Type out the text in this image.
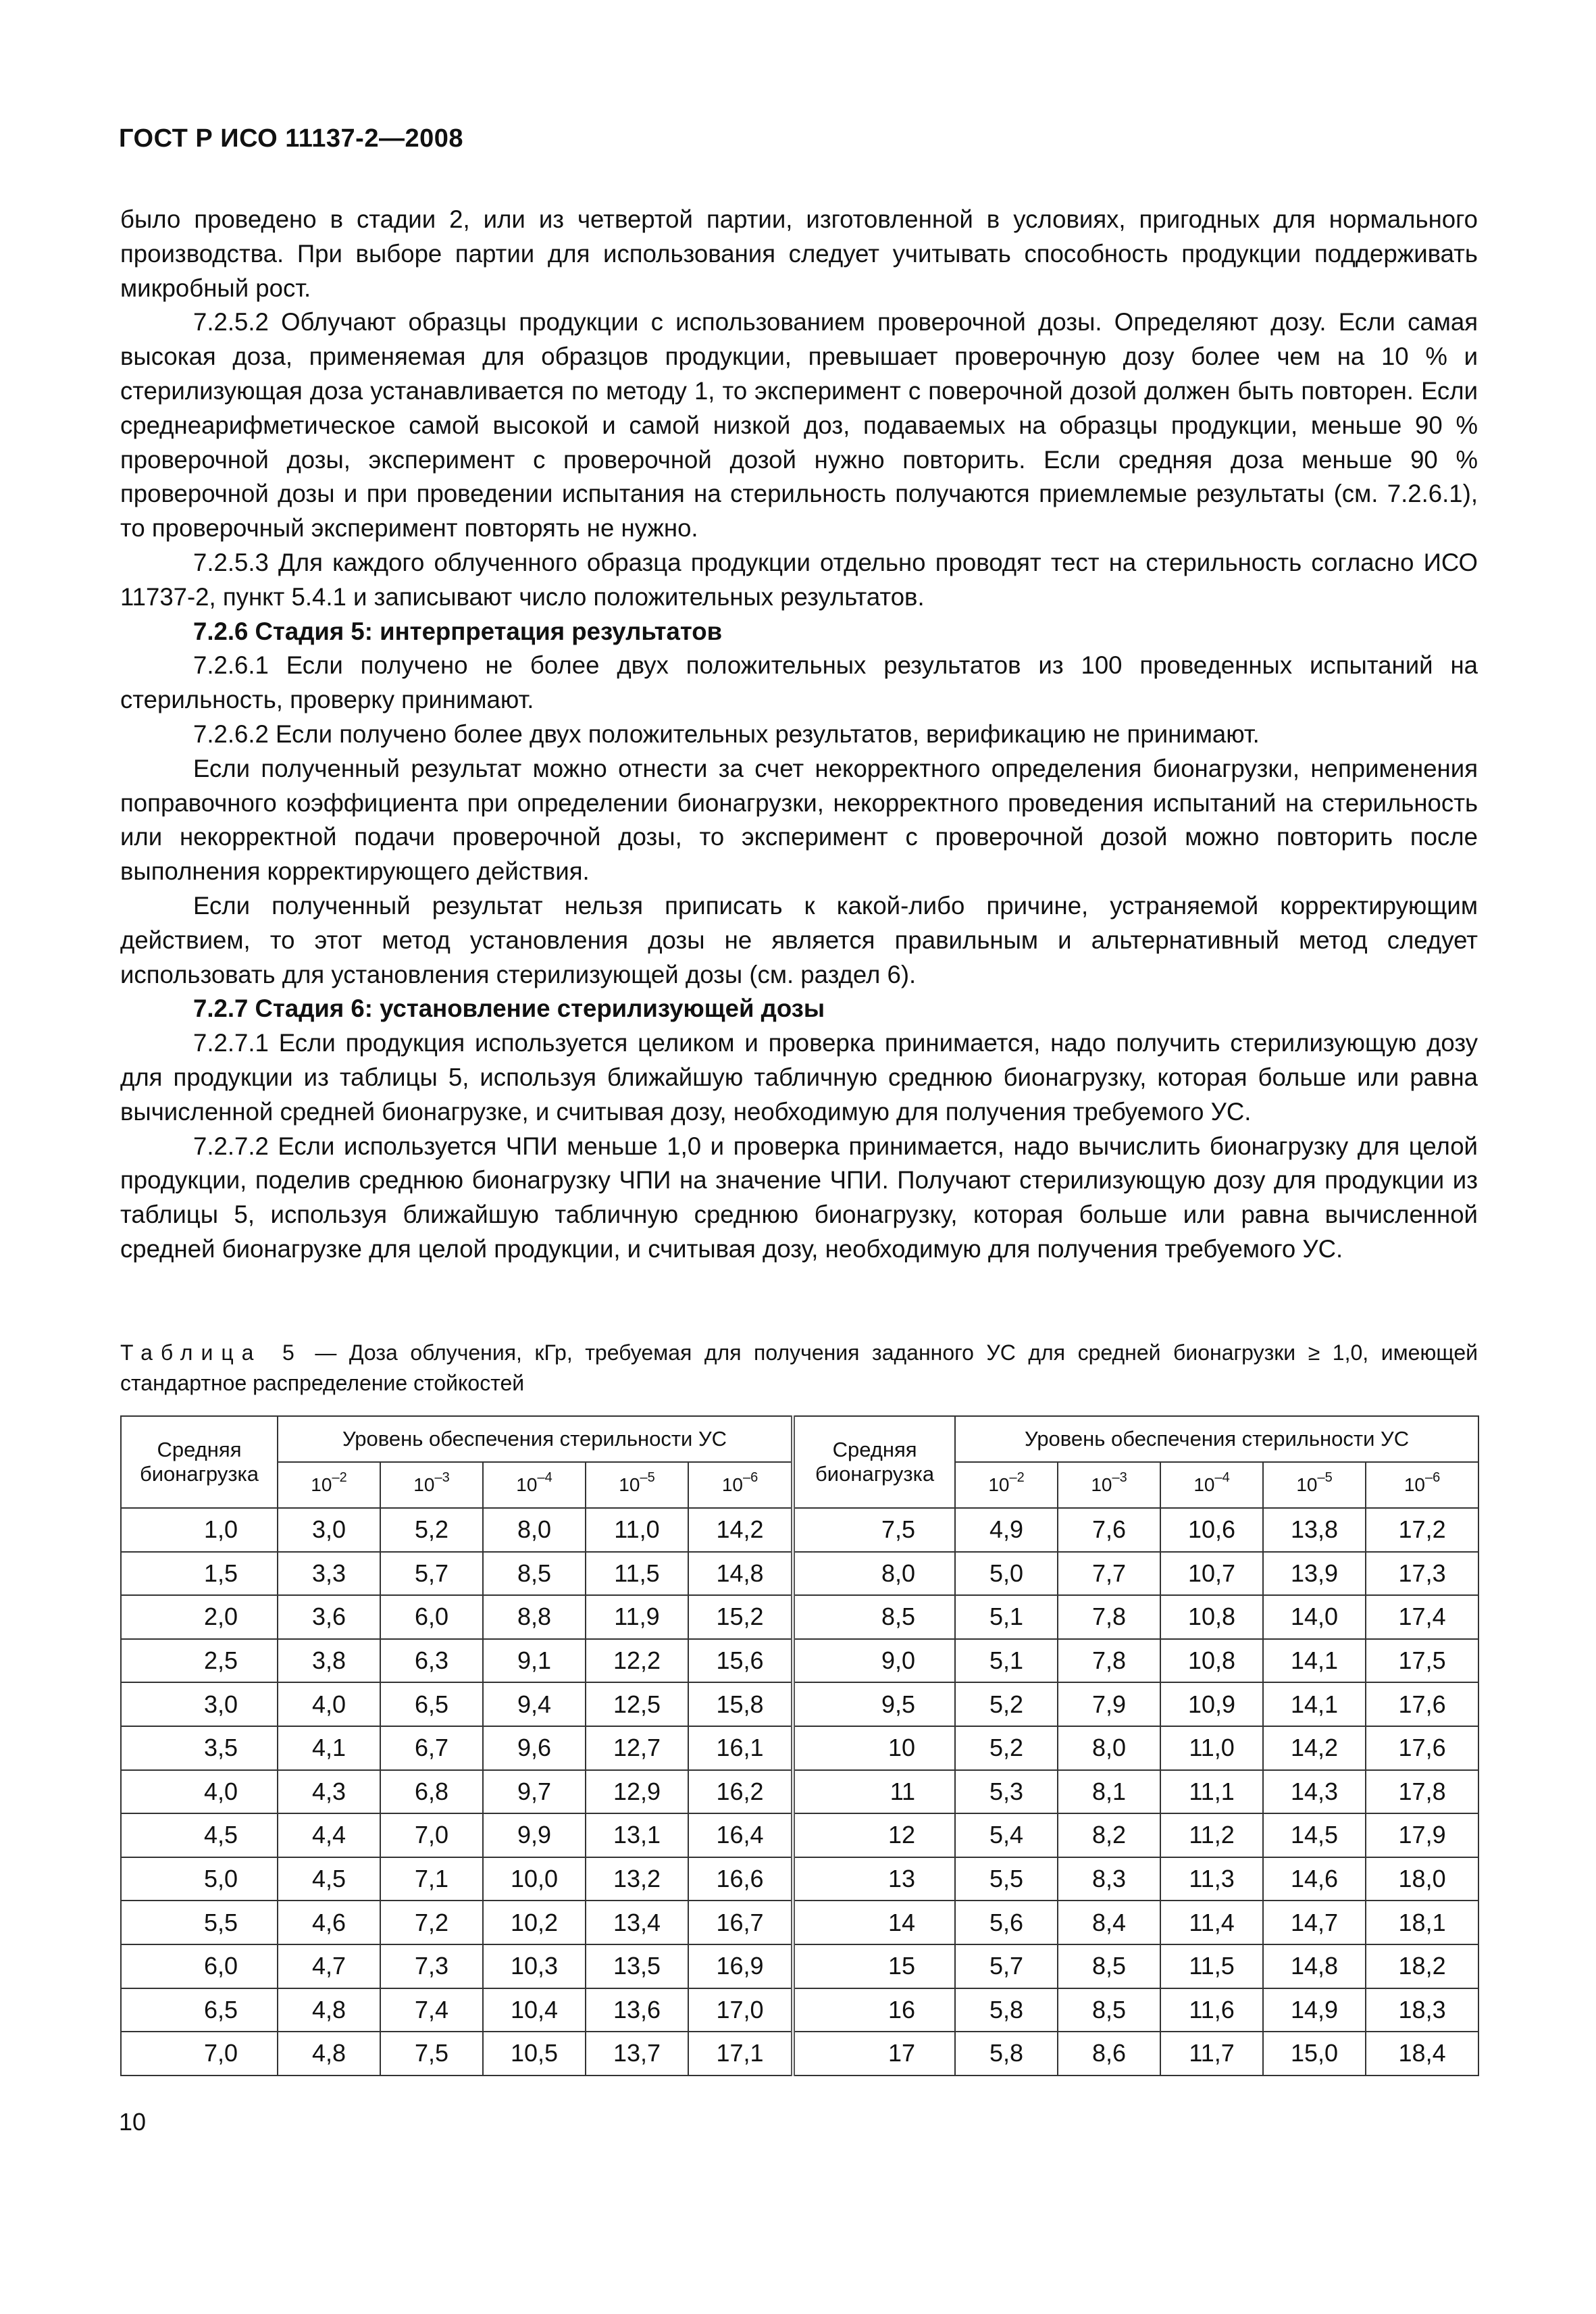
ГОСТ Р ИСО 11137-2—2008

было проведено в стадии 2, или из четвертой партии, изготовленной в условиях, пригодных для нормального производства. При выборе партии для использования следует учитывать способность продукции поддерживать микробный рост.

7.2.5.2 Облучают образцы продукции с использованием проверочной дозы. Определяют дозу. Если самая высокая доза, применяемая для образцов продукции, превышает проверочную дозу более чем на 10 % и стерилизующая доза устанавливается по методу 1, то эксперимент с поверочной дозой должен быть повторен. Если среднеарифметическое самой высокой и самой низкой доз, подаваемых на образцы продукции, меньше 90 % проверочной дозы, эксперимент с проверочной дозой нужно повторить. Если средняя доза меньше 90 % проверочной дозы и при проведении испытания на стерильность получаются приемлемые результаты (см. 7.2.6.1), то проверочный эксперимент повторять не нужно.

7.2.5.3 Для каждого облученного образца продукции отдельно проводят тест на стерильность согласно ИСО 11737-2, пункт 5.4.1 и записывают число положительных результатов.

7.2.6 Стадия 5: интерпретация результатов

7.2.6.1 Если получено не более двух положительных результатов из 100 проведенных испытаний на стерильность, проверку принимают.

7.2.6.2 Если получено более двух положительных результатов, верификацию не принимают.

Если полученный результат можно отнести за счет некорректного определения бионагрузки, неприменения поправочного коэффициента при определении бионагрузки, некорректного проведения испытаний на стерильность или некорректной подачи проверочной дозы, то эксперимент с проверочной дозой можно повторить после выполнения корректирующего действия.

Если полученный результат нельзя приписать к какой-либо причине, устраняемой корректирующим действием, то этот метод установления дозы не является правильным и альтернативный метод следует использовать для установления стерилизующей дозы (см. раздел 6).

7.2.7 Стадия 6: установление стерилизующей дозы

7.2.7.1 Если продукция используется целиком и проверка принимается, надо получить стерилизующую дозу для продукции из таблицы 5, используя ближайшую табличную среднюю бионагрузку, которая больше или равна вычисленной средней бионагрузке, и считывая дозу, необходимую для получения требуемого УС.

7.2.7.2 Если используется ЧПИ меньше 1,0 и проверка принимается, надо вычислить бионагрузку для целой продукции, поделив среднюю бионагрузку ЧПИ на значение ЧПИ. Получают стерилизующую дозу для продукции из таблицы 5, используя ближайшую табличную среднюю бионагрузку, которая больше или равна вычисленной средней бионагрузке для целой продукции, и считывая дозу, необходимую для получения требуемого УС.

Таблица 5 — Доза облучения, кГр, требуемая для получения заданного УС для средней бионагрузки ≥ 1,0, имеющей стандартное распределение стойкостей
Средняя бионагрузка	Уровень обеспечения стерильности УС					Средняя бионагрузка	Уровень обеспечения стерильности УС				
	$10^{-2}$	$10^{-3}$	$10^{-4}$	$10^{-5}$	$10^{-6}$		$10^{-2}$	$10^{-3}$	$10^{-4}$	$10^{-5}$	$10^{-6}$
1,0	3,0	5,2	8,0	11,0	14,2	7,5	4,9	7,6	10,6	13,8	17,2
1,5	3,3	5,7	8,5	11,5	14,8	8,0	5,0	7,7	10,7	13,9	17,3
2,0	3,6	6,0	8,8	11,9	15,2	8,5	5,1	7,8	10,8	14,0	17,4
2,5	3,8	6,3	9,1	12,2	15,6	9,0	5,1	7,8	10,8	14,1	17,5
3,0	4,0	6,5	9,4	12,5	15,8	9,5	5,2	7,9	10,9	14,1	17,6
3,5	4,1	6,7	9,6	12,7	16,1	10	5,2	8,0	11,0	14,2	17,6
4,0	4,3	6,8	9,7	12,9	16,2	11	5,3	8,1	11,1	14,3	17,8
4,5	4,4	7,0	9,9	13,1	16,4	12	5,4	8,2	11,2	14,5	17,9
5,0	4,5	7,1	10,0	13,2	16,6	13	5,5	8,3	11,3	14,6	18,0
5,5	4,6	7,2	10,2	13,4	16,7	14	5,6	8,4	11,4	14,7	18,1
6,0	4,7	7,3	10,3	13,5	16,9	15	5,7	8,5	11,5	14,8	18,2
6,5	4,8	7,4	10,4	13,6	17,0	16	5,8	8,5	11,6	14,9	18,3
7,0	4,8	7,5	10,5	13,7	17,1	17	5,8	8,6	11,7	15,0	18,4
10
